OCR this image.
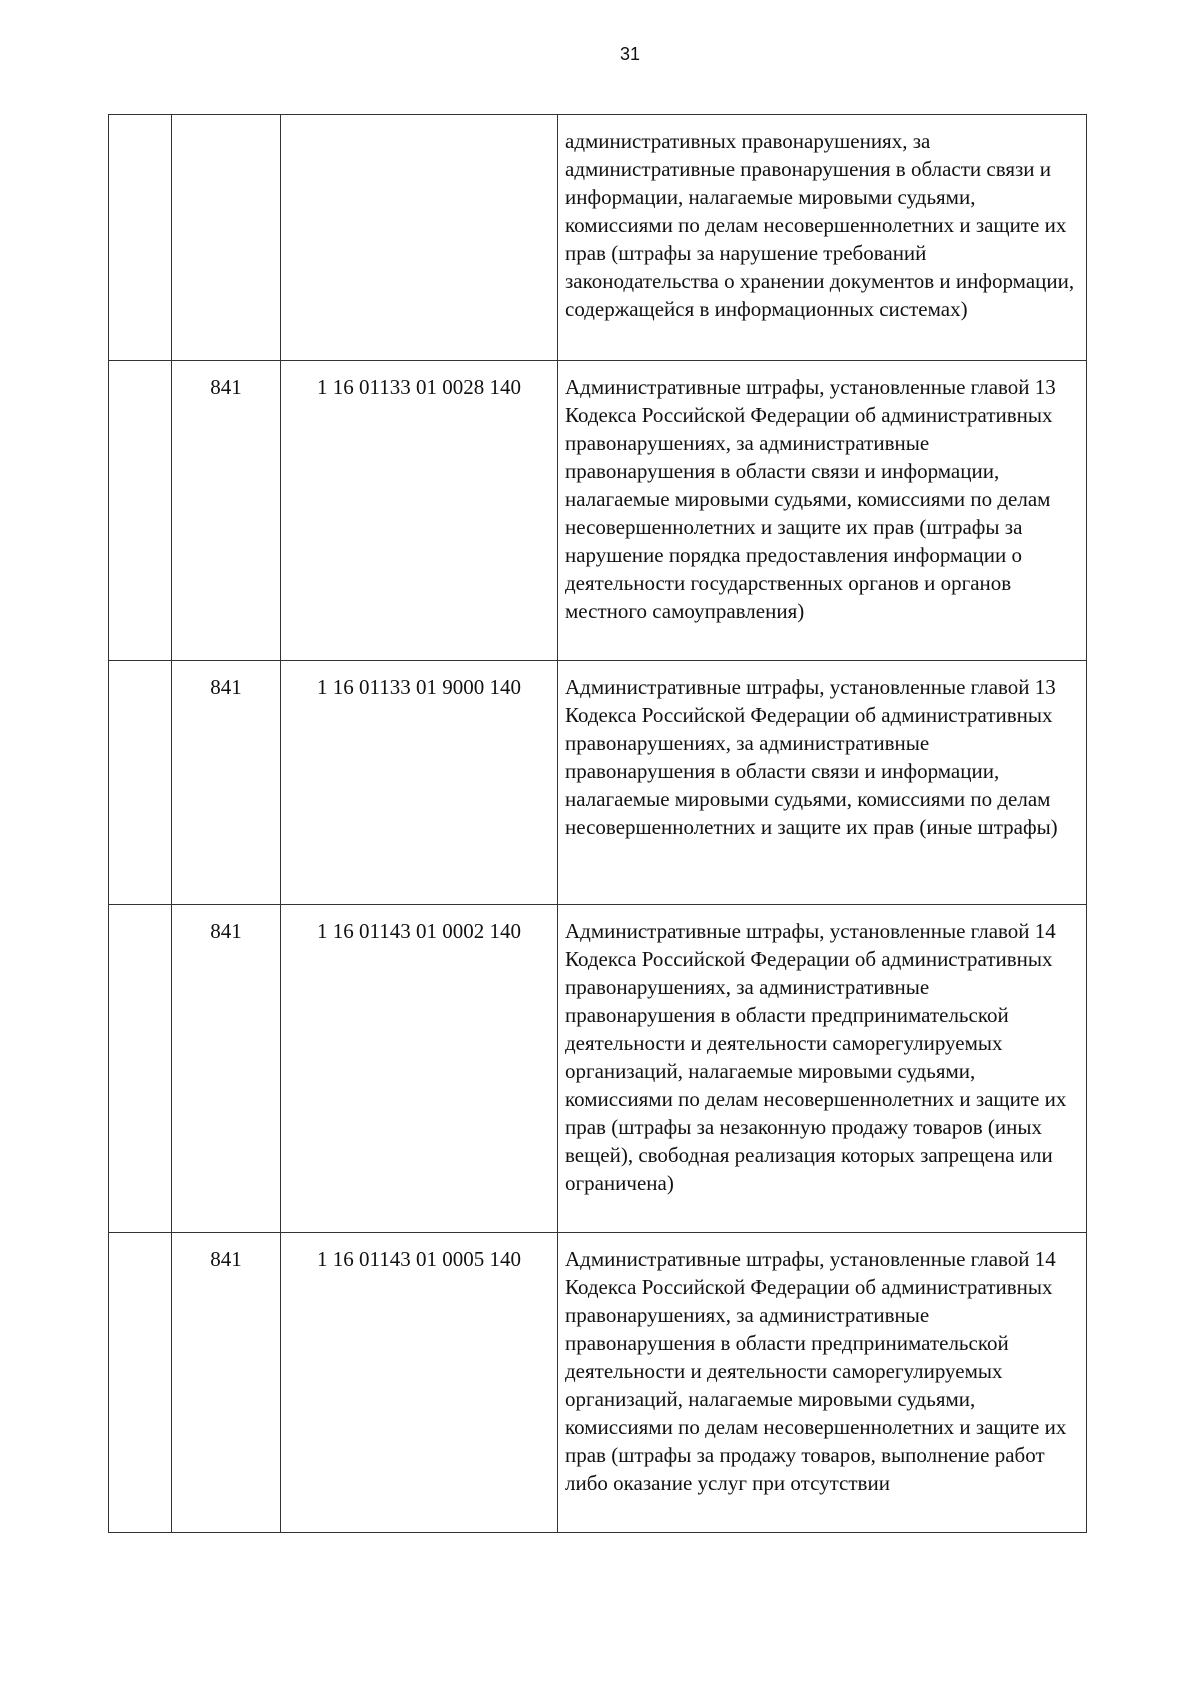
31
			административных правонарушениях, за административные правонарушения в области связи и информации, налагаемые мировыми судьями, комиссиями по делам несовершеннолетних и защите их прав (штрафы за нарушение требований законодательства о хранении документов и информации, содержащейся в информационных системах)
	841	1 16 01133 01 0028 140	Административные штрафы, установленные главой 13 Кодекса Российской Федерации об административных правонарушениях, за административные правонарушения в области связи и информации, налагаемые мировыми судьями, комиссиями по делам несовершеннолетних и защите их прав (штрафы за нарушение порядка предоставления информации о деятельности государственных органов и органов местного самоуправления)
	841	1 16 01133 01 9000 140	Административные штрафы, установленные главой 13 Кодекса Российской Федерации об административных правонарушениях, за административные правонарушения в области связи и информации, налагаемые мировыми судьями, комиссиями по делам несовершеннолетних и защите их прав (иные штрафы)
	841	1 16 01143 01 0002 140	Административные штрафы, установленные главой 14 Кодекса Российской Федерации об административных правонарушениях, за административные правонарушения в области предпринимательской деятельности и деятельности саморегулируемых организаций, налагаемые мировыми судьями, комиссиями по делам несовершеннолетних и защите их прав (штрафы за незаконную продажу товаров (иных вещей), свободная реализация которых запрещена или ограничена)
	841	1 16 01143 01 0005 140	Административные штрафы, установленные главой 14 Кодекса Российской Федерации об административных правонарушениях, за административные правонарушения в области предпринимательской деятельности и деятельности саморегулируемых организаций, налагаемые мировыми судьями, комиссиями по делам несовершеннолетних и защите их прав (штрафы за продажу товаров, выполнение работ либо оказание услуг при отсутствии
